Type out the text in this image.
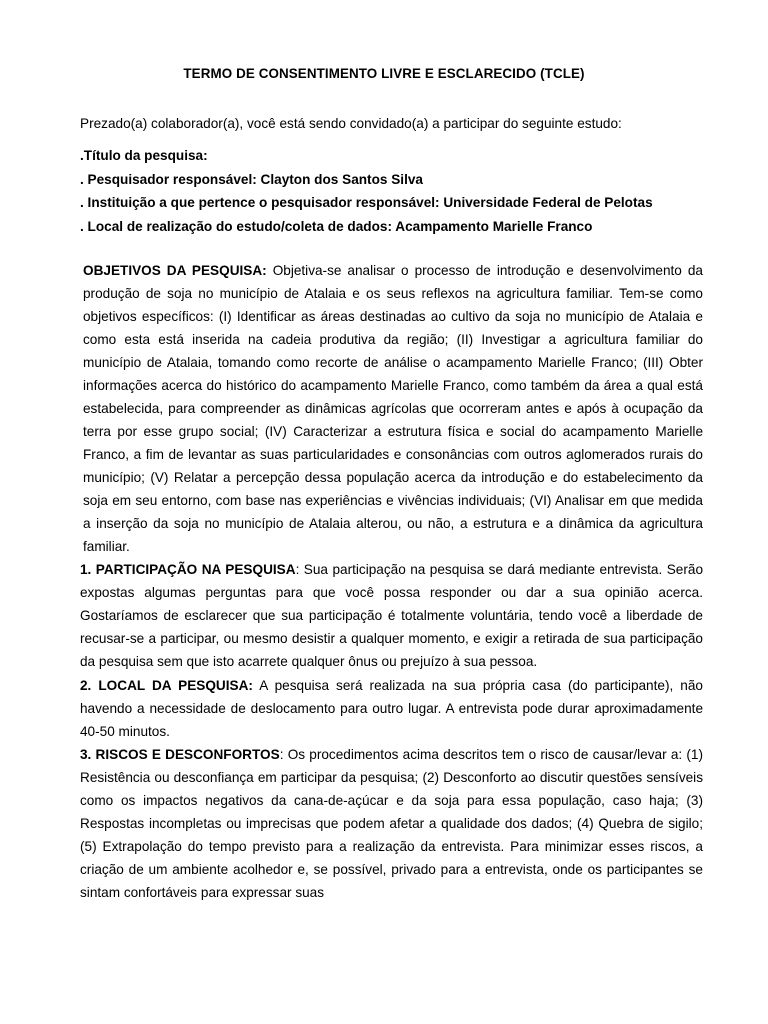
TERMO DE CONSENTIMENTO LIVRE E ESCLARECIDO (TCLE)
Prezado(a) colaborador(a), você está sendo convidado(a) a participar do seguinte estudo:
.Título da pesquisa:
. Pesquisador responsável: Clayton dos Santos Silva
. Instituição a que pertence o pesquisador responsável: Universidade Federal de Pelotas
. Local de realização do estudo/coleta de dados: Acampamento Marielle Franco

OBJETIVOS DA PESQUISA: Objetiva-se analisar o processo de introdução e desenvolvimento da produção de soja no município de Atalaia e os seus reflexos na agricultura familiar. Tem-se como objetivos específicos: (I) Identificar as áreas destinadas ao cultivo da soja no município de Atalaia e como esta está inserida na cadeia produtiva da região; (II) Investigar a agricultura familiar do município de Atalaia, tomando como recorte de análise o acampamento Marielle Franco; (III) Obter informações acerca do histórico do acampamento Marielle Franco, como também da área a qual está estabelecida, para compreender as dinâmicas agrícolas que ocorreram antes e após à ocupação da terra por esse grupo social; (IV) Caracterizar a estrutura física e social do acampamento Marielle Franco, a fim de levantar as suas particularidades e consonâncias com outros aglomerados rurais do município; (V) Relatar a percepção dessa população acerca da introdução e do estabelecimento da soja em seu entorno, com base nas experiências e vivências individuais; (VI) Analisar em que medida a inserção da soja no município de Atalaia alterou, ou não, a estrutura e a dinâmica da agricultura familiar.

1. PARTICIPAÇÃO NA PESQUISA: Sua participação na pesquisa se dará mediante entrevista. Serão expostas algumas perguntas para que você possa responder ou dar a sua opinião acerca. Gostaríamos de esclarecer que sua participação é totalmente voluntária, tendo você a liberdade de recusar-se a participar, ou mesmo desistir a qualquer momento, e exigir a retirada de sua participação da pesquisa sem que isto acarrete qualquer ônus ou prejuízo à sua pessoa.

2. LOCAL DA PESQUISA: A pesquisa será realizada na sua própria casa (do participante), não havendo a necessidade de deslocamento para outro lugar. A entrevista pode durar aproximadamente 40-50 minutos.

3. RISCOS E DESCONFORTOS: Os procedimentos acima descritos tem o risco de causar/levar a: (1) Resistência ou desconfiança em participar da pesquisa; (2) Desconforto ao discutir questões sensíveis como os impactos negativos da cana-de-açúcar e da soja para essa população, caso haja; (3) Respostas incompletas ou imprecisas que podem afetar a qualidade dos dados; (4) Quebra de sigilo; (5) Extrapolação do tempo previsto para a realização da entrevista. Para minimizar esses riscos, a criação de um ambiente acolhedor e, se possível, privado para a entrevista, onde os participantes se sintam confortáveis para expressar suas
